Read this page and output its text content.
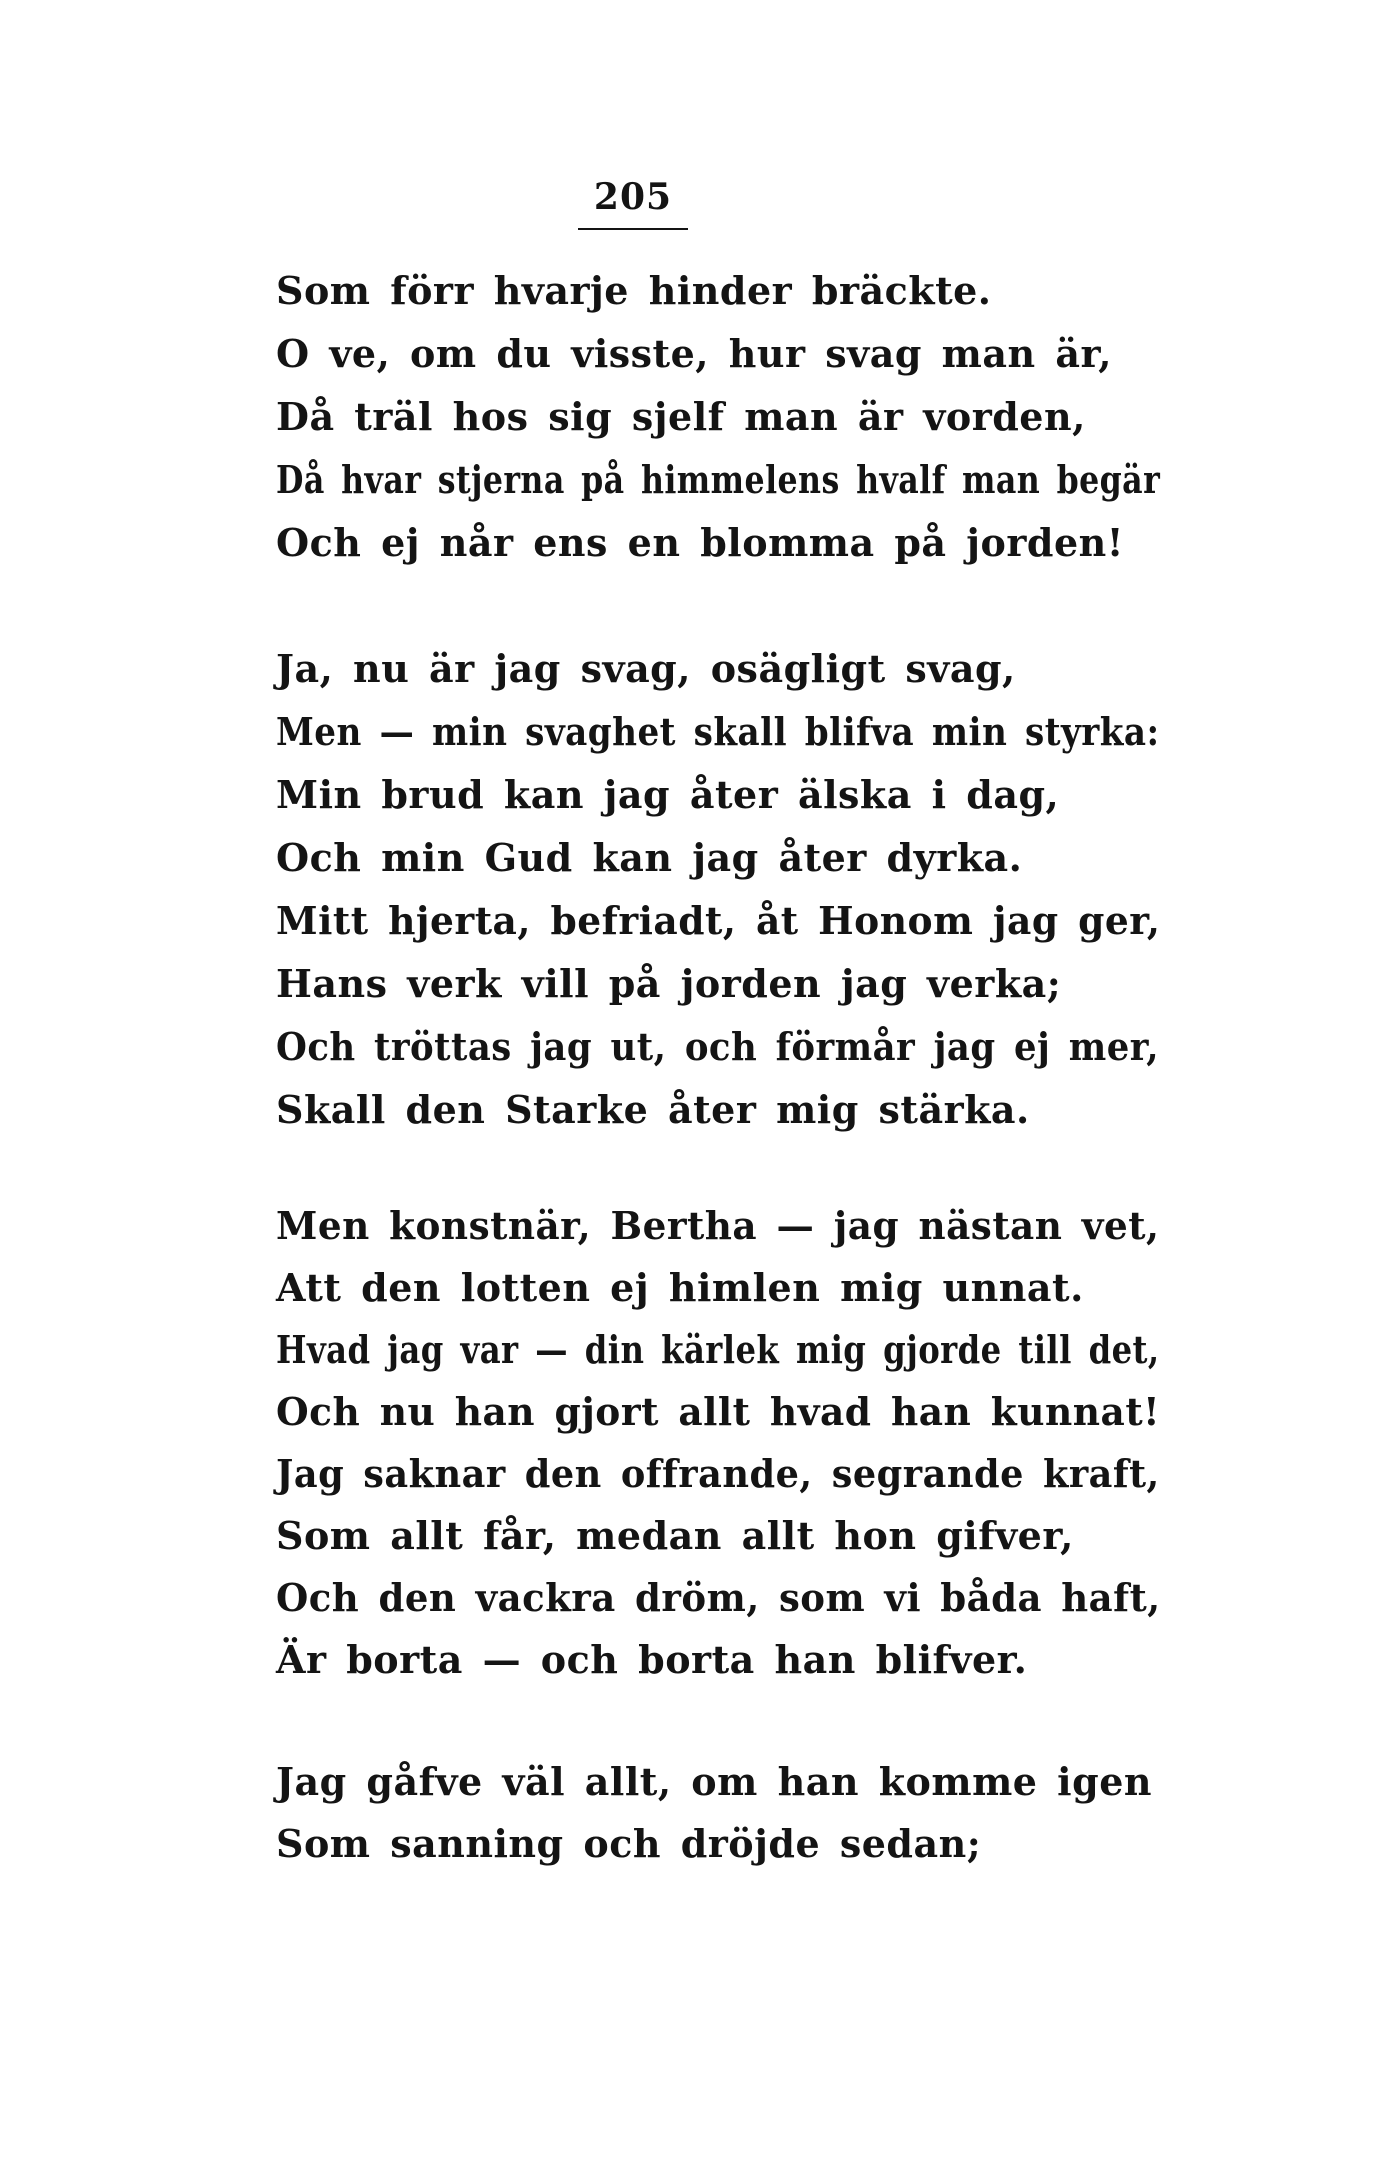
205
Som förr hvarje hinder bräckte.
O ve, om du visste, hur svag man är,
Då träl hos sig sjelf man är vorden,
Då hvar stjerna på himmelens hvalf man begär
Och ej når ens en blomma på jorden!
Ja, nu är jag svag, osägligt svag,
Men — min svaghet skall blifva min styrka:
Min brud kan jag åter älska i dag,
Och min Gud kan jag åter dyrka.
Mitt hjerta, befriadt, åt Honom jag ger,
Hans verk vill på jorden jag verka;
Och tröttas jag ut, och förmår jag ej mer,
Skall den Starke åter mig stärka.
Men konstnär, Bertha — jag nästan vet,
Att den lotten ej himlen mig unnat.
Hvad jag var — din kärlek mig gjorde till det,
Och nu han gjort allt hvad han kunnat!
Jag saknar den offrande, segrande kraft,
Som allt får, medan allt hon gifver,
Och den vackra dröm, som vi båda haft,
Är borta — och borta han blifver.
Jag gåfve väl allt, om han komme igen
Som sanning och dröjde sedan;
